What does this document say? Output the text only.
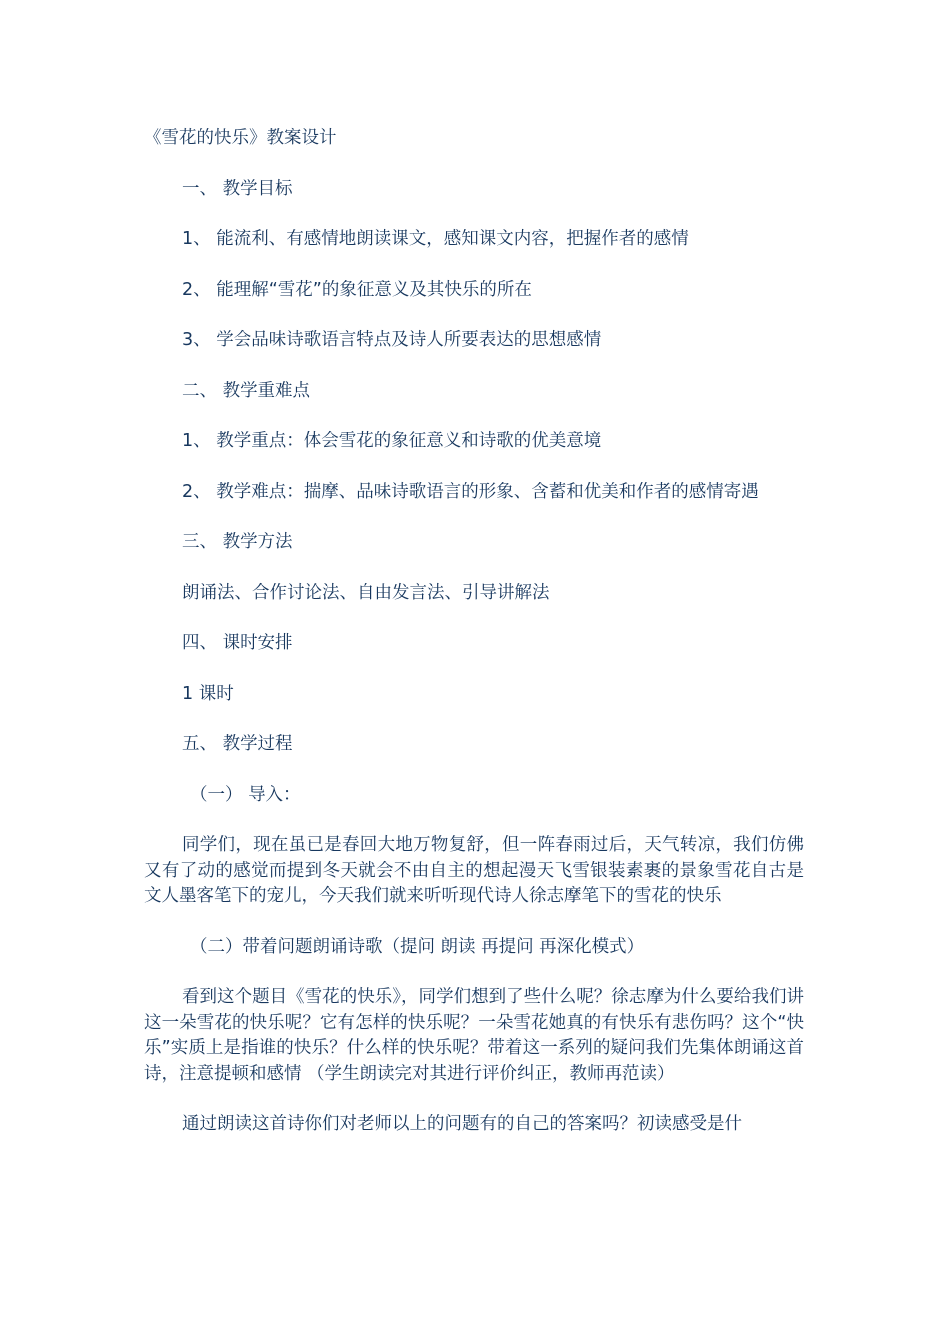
《雪花的快乐》教案设计

一、 教学目标

1、 能流利、有感情地朗读课文，感知课文内容，把握作者的感情

2、 能理解“雪花”的象征意义及其快乐的所在

3、 学会品味诗歌语言特点及诗人所要表达的思想感情

二、 教学重难点

1、 教学重点：体会雪花的象征意义和诗歌的优美意境

2、 教学难点：揣摩、品味诗歌语言的形象、含蓄和优美和作者的感情寄遇

三、 教学方法

朗诵法、合作讨论法、自由发言法、引导讲解法

四、 课时安排

1 课时

五、 教学过程

（一） 导入：

同学们，现在虽已是春回大地万物复舒，但一阵春雨过后，天气转凉，我们仿佛又有了动的感觉而提到冬天就会不由自主的想起漫天飞雪银装素裹的景象雪花自古是文人墨客笔下的宠儿，今天我们就来听听现代诗人徐志摩笔下的雪花的快乐

（二）带着问题朗诵诗歌（提问 朗读 再提问 再深化模式）

看到这个题目《雪花的快乐》，同学们想到了些什么呢？徐志摩为什么要给我们讲这一朵雪花的快乐呢？它有怎样的快乐呢？一朵雪花她真的有快乐有悲伤吗？这个“快乐”实质上是指谁的快乐？什么样的快乐呢？带着这一系列的疑问我们先集体朗诵这首诗，注意提顿和感情 （学生朗读完对其进行评价纠正，教师再范读）

通过朗读这首诗你们对老师以上的问题有的自己的答案吗？初读感受是什
